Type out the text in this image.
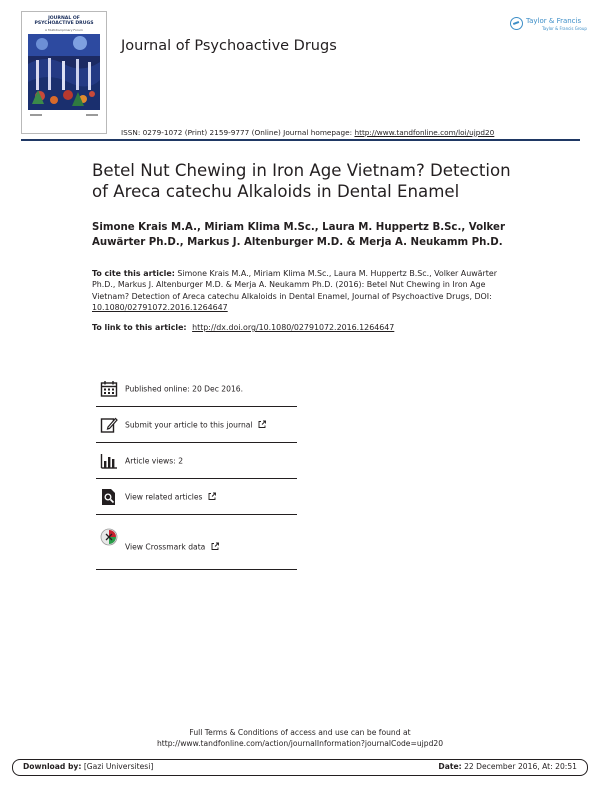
JOURNAL OF
PSYCHOACTIVE DRUGS
A Multidisciplinary Forum
Journal of Psychoactive Drugs
Taylor & Francis
Taylor & Francis Group
ISSN: 0279-1072 (Print) 2159-9777 (Online) Journal homepage: http://www.tandfonline.com/loi/ujpd20
Betel Nut Chewing in Iron Age Vietnam? Detection of Areca catechu Alkaloids in Dental Enamel
Simone Krais M.A., Miriam Klima M.Sc., Laura M. Huppertz B.Sc., Volker Auwärter Ph.D., Markus J. Altenburger M.D. & Merja A. Neukamm Ph.D.
To cite this article: Simone Krais M.A., Miriam Klima M.Sc., Laura M. Huppertz B.Sc., Volker Auwärter Ph.D., Markus J. Altenburger M.D. & Merja A. Neukamm Ph.D. (2016): Betel Nut Chewing in Iron Age Vietnam? Detection of Areca catechu Alkaloids in Dental Enamel, Journal of Psychoactive Drugs, DOI: 10.1080/02791072.2016.1264647
To link to this article: http://dx.doi.org/10.1080/02791072.2016.1264647
Published online: 20 Dec 2016.
Submit your article to this journal
Article views: 2
View related articles
View Crossmark data
Full Terms & Conditions of access and use can be found at
http://www.tandfonline.com/action/journalInformation?journalCode=ujpd20
Download by: [Gazi Universitesi]	Date: 22 December 2016, At: 20:51
